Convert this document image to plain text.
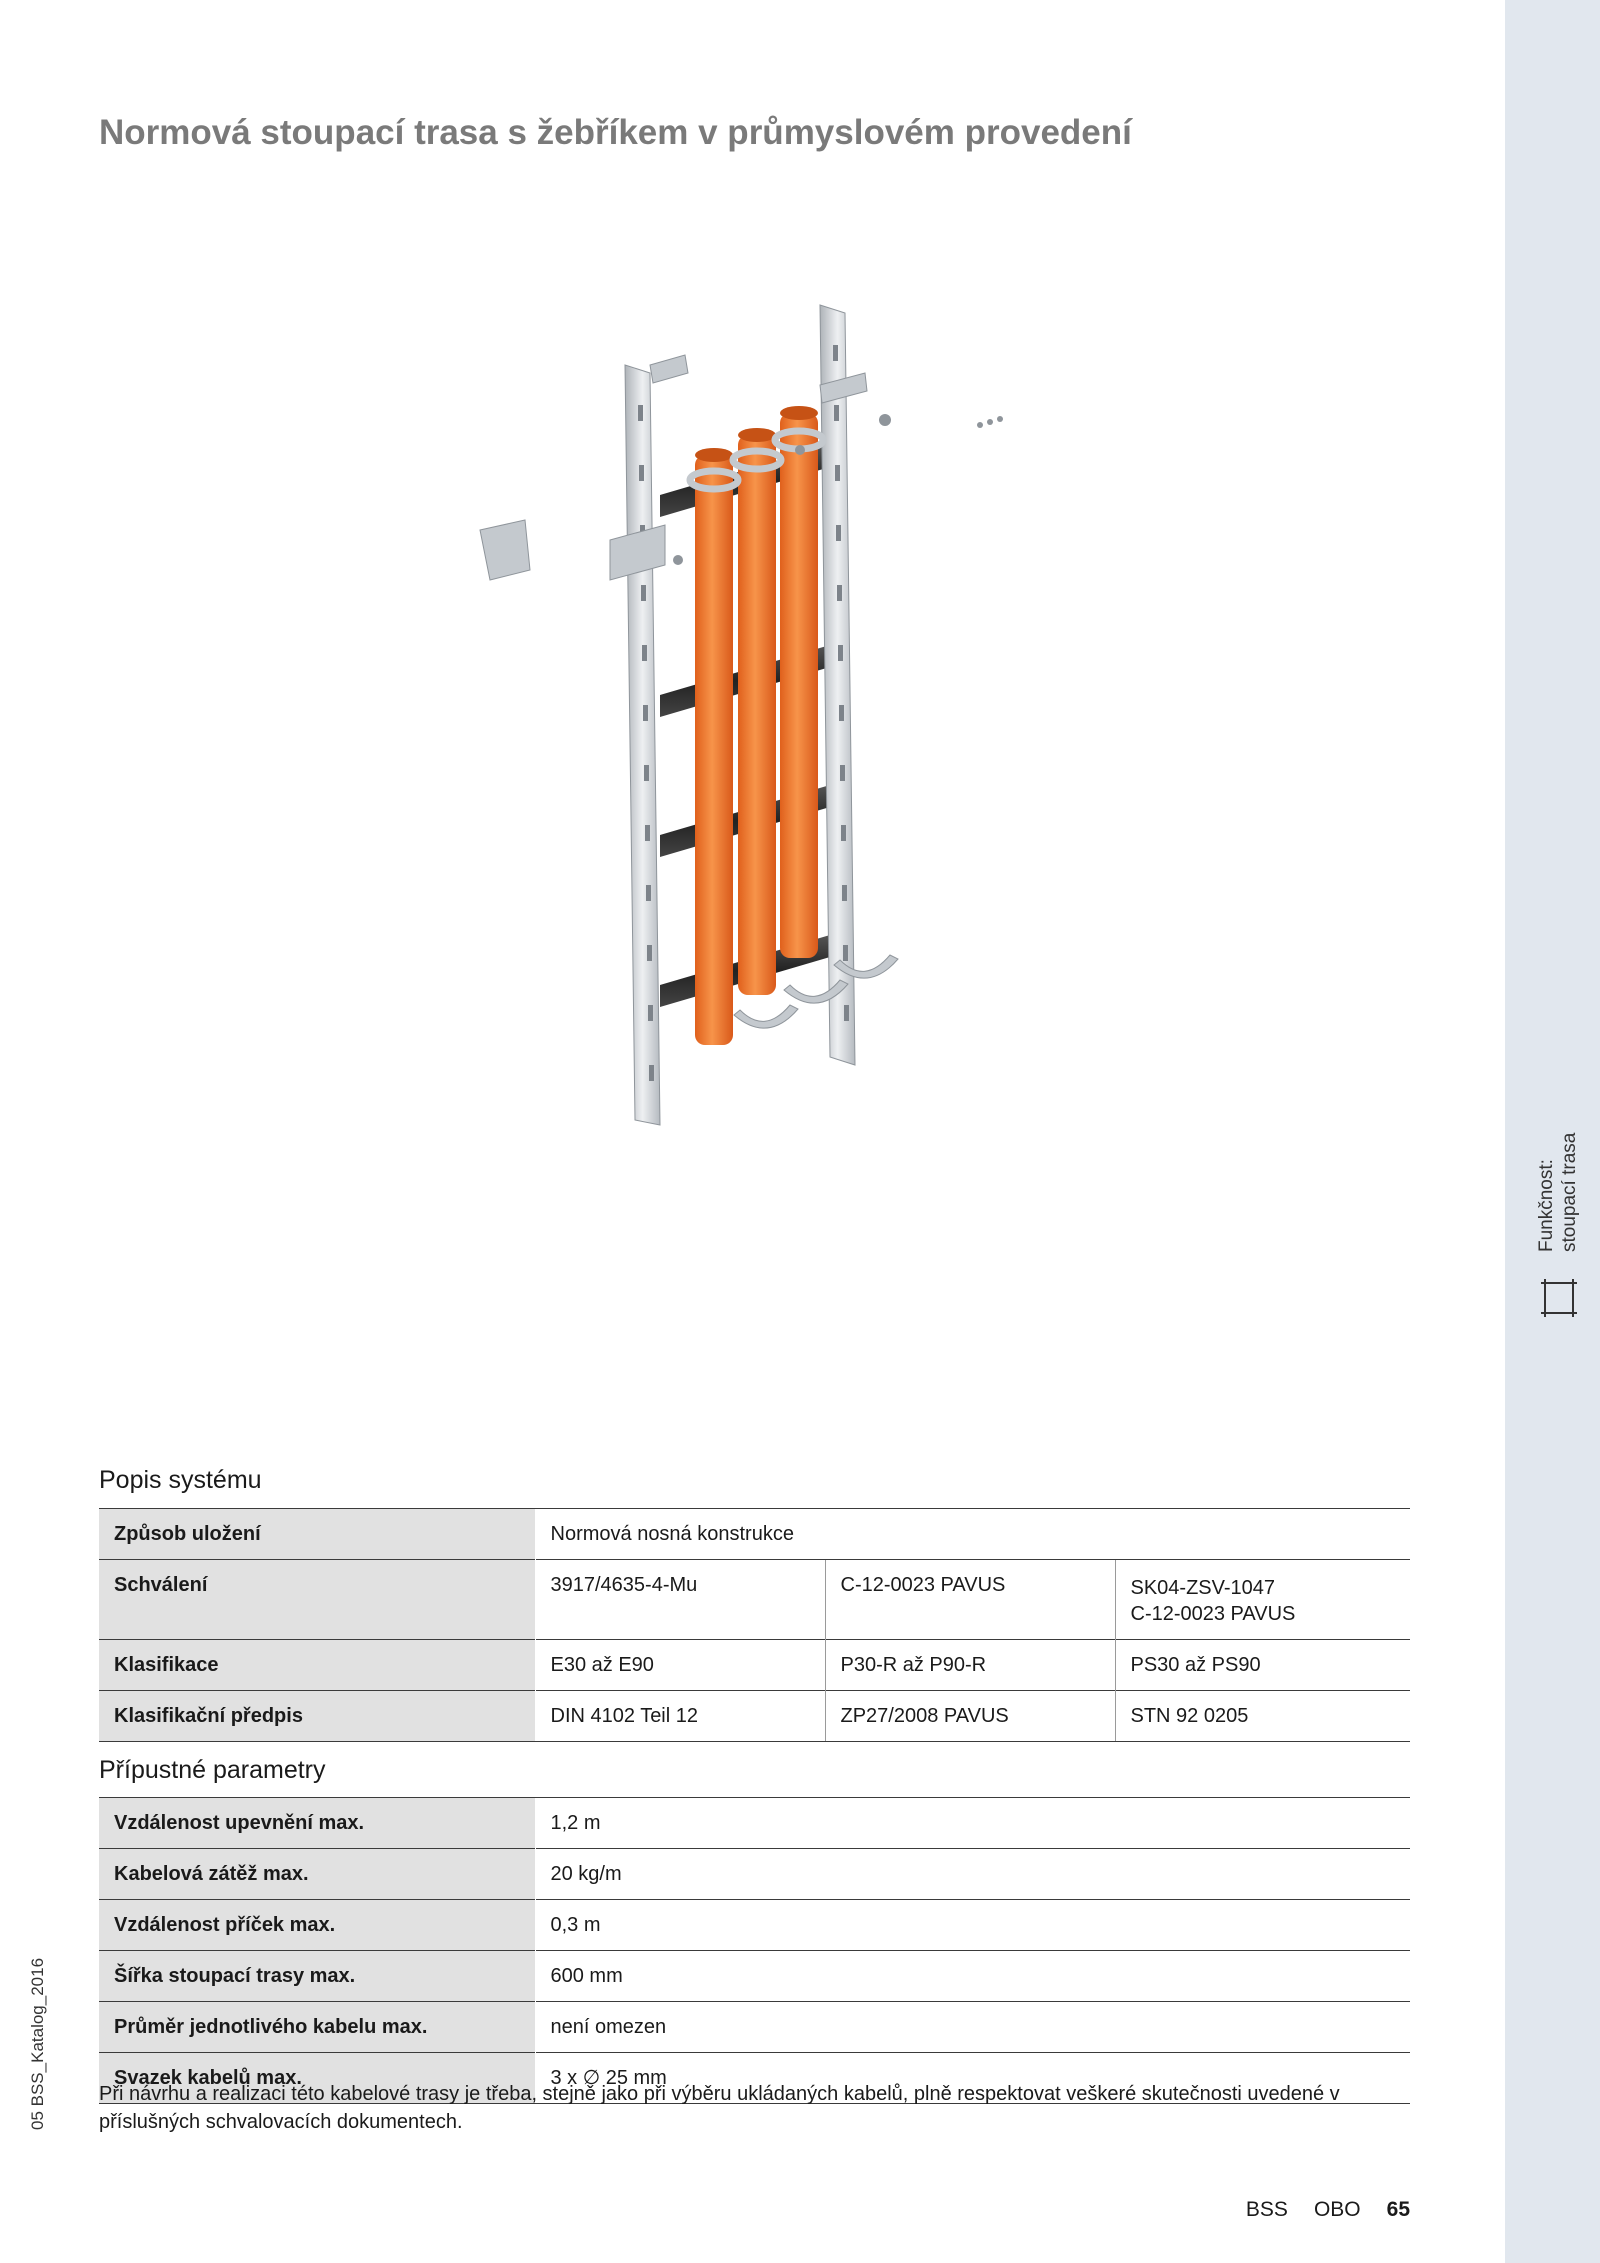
Funkčnost: stoupací trasa
05 BSS_Katalog_2016
Normová stoupací trasa s žebříkem v průmyslovém provedení
Popis systému
Způsob uložení	Normová nosná konstrukce		
Schválení	3917/4635-4-Mu	C-12-0023 PAVUS	SK04-ZSV-1047
C-12-0023 PAVUS
Klasifikace	E30 až E90	P30-R až P90-R	PS30 až PS90
Klasifikační předpis	DIN 4102 Teil 12	ZP27/2008 PAVUS	STN 92 0205
Přípustné parametry
Vzdálenost upevnění max.	1,2 m
Kabelová zátěž max.	20 kg/m
Vzdálenost příček max.	0,3 m
Šířka stoupací trasy max.	600 mm
Průměr jednotlivého kabelu max.	není omezen
Svazek kabelů max.	3 x ∅ 25 mm

Při návrhu a realizaci této kabelové trasy je třeba, stejně jako při výběru ukládaných kabelů, plně respektovat veškeré skutečnosti uvedené v příslušných schvalovacích dokumentech.

BSS OBO 65
